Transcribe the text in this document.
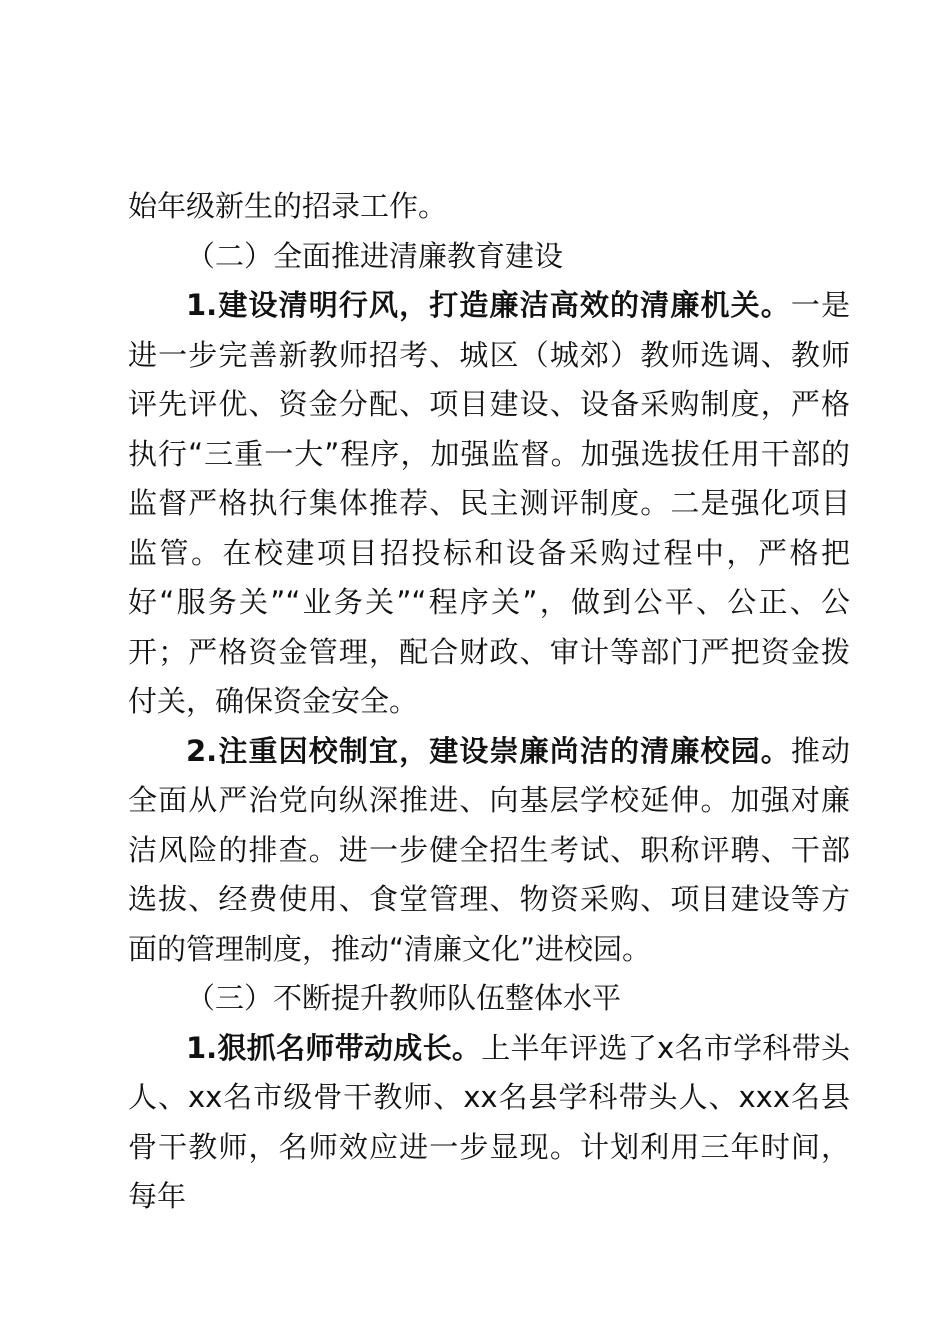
始年级新生的招录工作。

（二）全面推进清廉教育建设

1.建设清明行风，打造廉洁高效的清廉机关。一是进一步完善新教师招考、城区（城郊）教师选调、教师评先评优、资金分配、项目建设、设备采购制度，严格执行“三重一大”程序，加强监督。加强选拔任用干部的监督严格执行集体推荐、民主测评制度。二是强化项目监管。在校建项目招投标和设备采购过程中，严格把好“服务关”“业务关”“程序关”，做到公平、公正、公开；严格资金管理，配合财政、审计等部门严把资金拨付关，确保资金安全。

2.注重因校制宜，建设崇廉尚洁的清廉校园。推动全面从严治党向纵深推进、向基层学校延伸。加强对廉洁风险的排查。进一步健全招生考试、职称评聘、干部选拔、经费使用、食堂管理、物资采购、项目建设等方面的管理制度，推动“清廉文化”进校园。

（三）不断提升教师队伍整体水平

1.狠抓名师带动成长。上半年评选了x名市学科带头人、xx名市级骨干教师、xx名县学科带头人、xxx名县骨干教师，名师效应进一步显现。计划利用三年时间，每年
